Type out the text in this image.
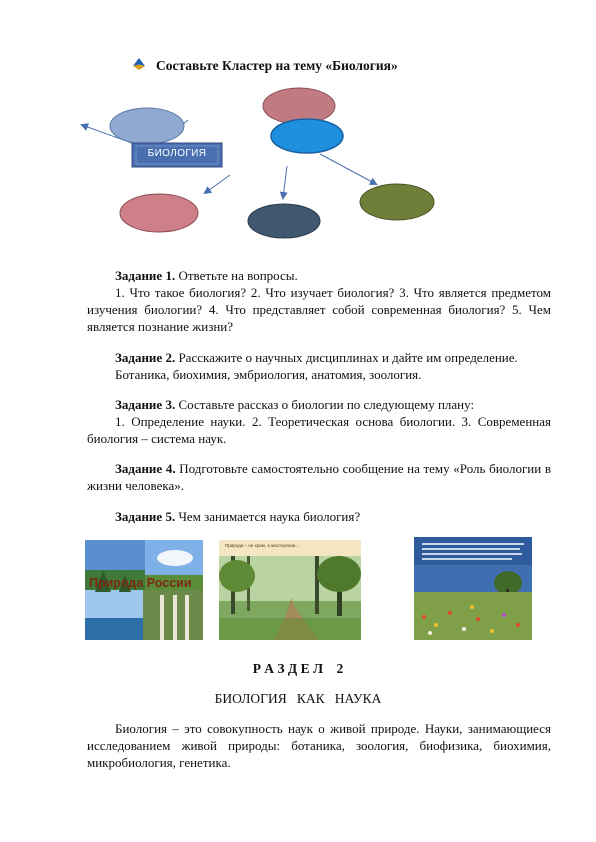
Составьте Кластер на тему «Биология»
БИОЛОГИЯ
Задание 1. Ответьте на вопросы.
1. Что такое биология? 2. Что изучает биология? 3. Что является предметом изучения биологии? 4. Что представляет собой современная биология? 5. Чем является познание жизни?
Задание 2. Расскажите о научных дисциплинах и дайте им определение.
Ботаника, биохимия, эмбриология, анатомия, зоология.
Задание 3. Составьте рассказ о биологии по следующему плану:
1. Определение науки. 2. Теоретическая основа биологии. 3. Современная биология – система наук.
Задание 4. Подготовьте самостоятельно сообщение на тему «Роль биологии в жизни человека».
Задание 5. Чем занимается наука биология?
Природа России
Природа – не храм, а мастерская...
Р А З Д Е Л    2
БИОЛОГИЯ   КАК   НАУКА
Биология – это совокупность наук о живой природе. Науки, занимающиеся исследованием живой природы: ботаника, зоология, биофизика, биохимия, микробиология, генетика.
